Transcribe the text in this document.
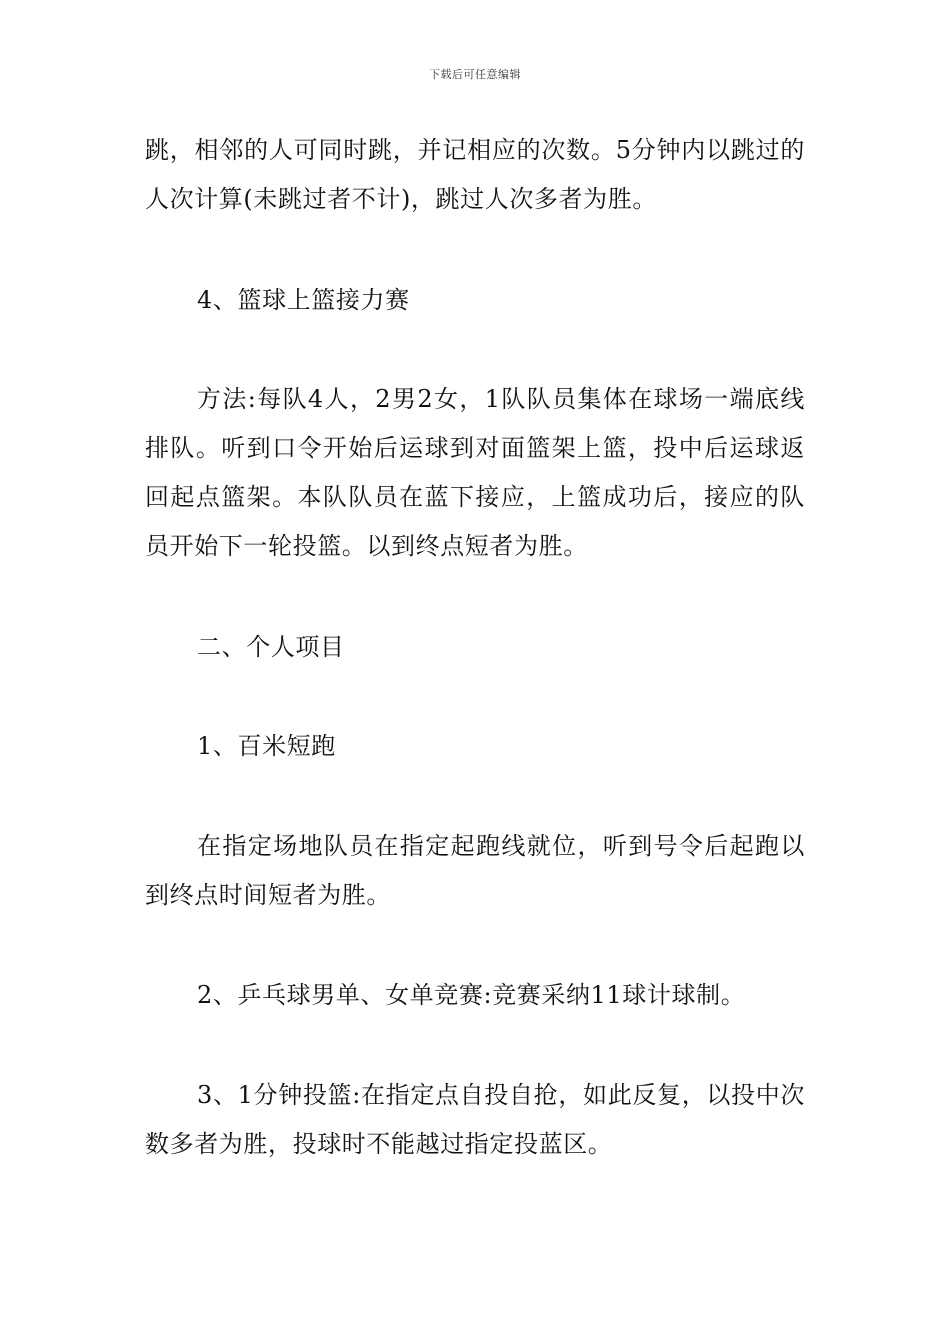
下载后可任意编辑

跳，相邻的人可同时跳，并记相应的次数。5分钟内以跳过的人次计算(未跳过者不计)，跳过人次多者为胜。

4、篮球上篮接力赛

方法:每队4人，2男2女，1队队员集体在球场一端底线排队。听到口令开始后运球到对面篮架上篮，投中后运球返回起点篮架。本队队员在蓝下接应，上篮成功后，接应的队员开始下一轮投篮。以到终点短者为胜。

二、个人项目

1、百米短跑

在指定场地队员在指定起跑线就位，听到号令后起跑以到终点时间短者为胜。

2、乒乓球男单、女单竞赛:竞赛采纳11球计球制。

3、1分钟投篮:在指定点自投自抢，如此反复，以投中次数多者为胜，投球时不能越过指定投蓝区。
